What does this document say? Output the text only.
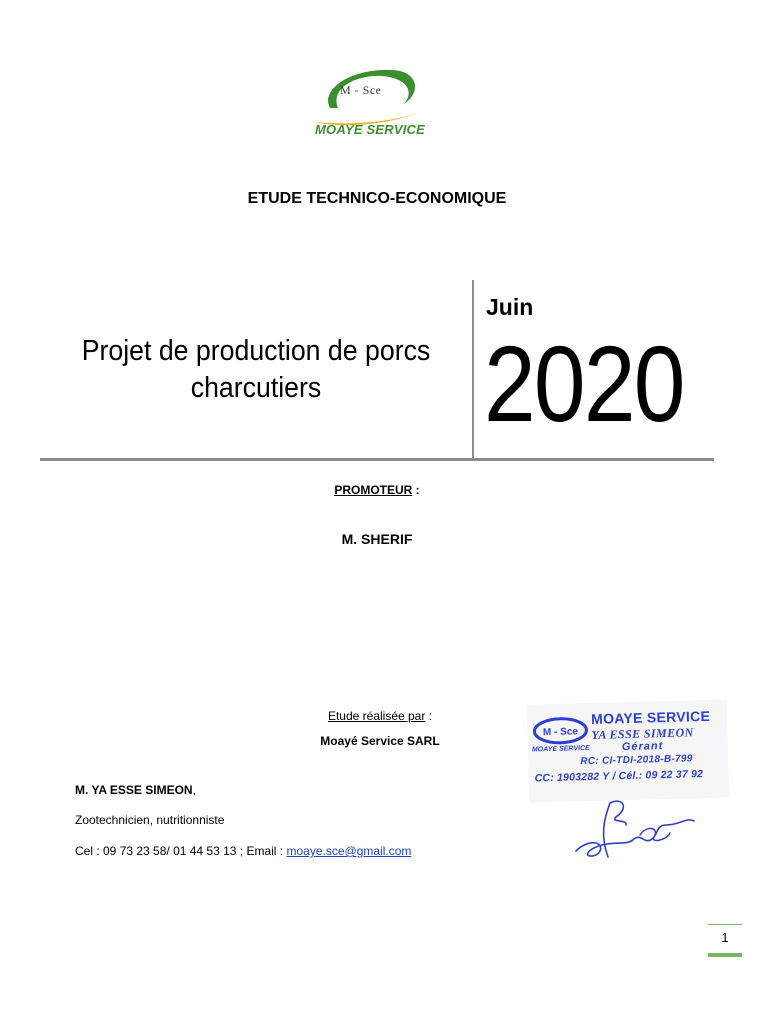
M - Sce
MOAYE SERVICE
ETUDE TECHNICO-ECONOMIQUE
Projet de production de porcs
charcutiers
Juin
2020
PROMOTEUR :
M. SHERIF
Etude réalisée par :
Moayé Service SARL
M. YA ESSE SIMEON,
Zootechnicien, nutritionniste
Cel : 09 73 23 58/ 01 44 53 13 ; Email : moaye.sce@gmail.com
M - Sce
MOAYE SERVICE
YA ESSE SIMEON
MOAYE SERVICE	Gérant
RC: CI-TDI-2018-B-799
CC: 1903282 Y / Cél.: 09 22 37 92
1
